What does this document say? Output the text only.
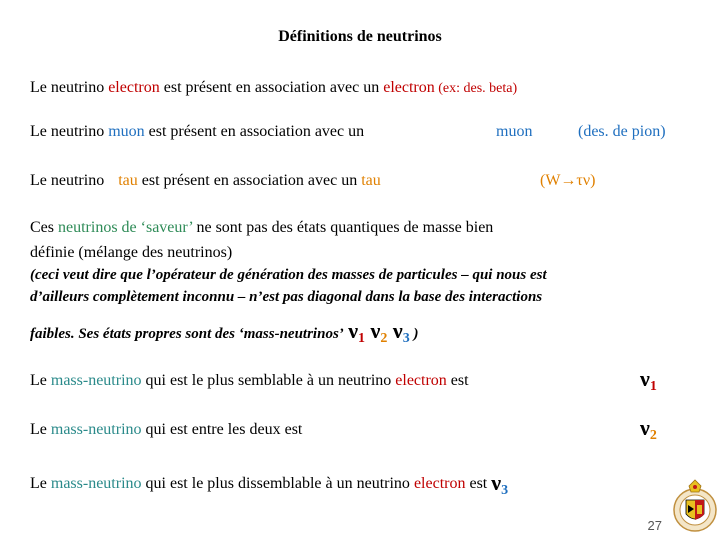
Définitions de neutrinos
Le neutrino electron est présent en association avec un electron (ex: des. beta)
Le neutrino muon est présent en association avec un	muon	(des. de pion)
Le neutrino tau est présent en association avec un tau	(W→τν)
Ces neutrinos de ‘saveur’ ne sont pas des états quantiques de masse bien
définie (mélange des neutrinos)
(ceci veut dire que l’opérateur de génération des masses de particules – qui nous est
d’ailleurs complètement inconnu – n’est pas diagonal dans la base des interactions
faibles. Ses états propres sont des ‘mass-neutrinos’  $\nu_1$ $\nu_2$ $\nu_3$ )
Le mass-neutrino qui est le plus semblable à un neutrino electron est	$\nu_1$
Le mass-neutrino qui est entre les deux est	$\nu_2$
Le mass-neutrino qui est le plus dissemblable à un neutrino electron est $\nu_3$
27
